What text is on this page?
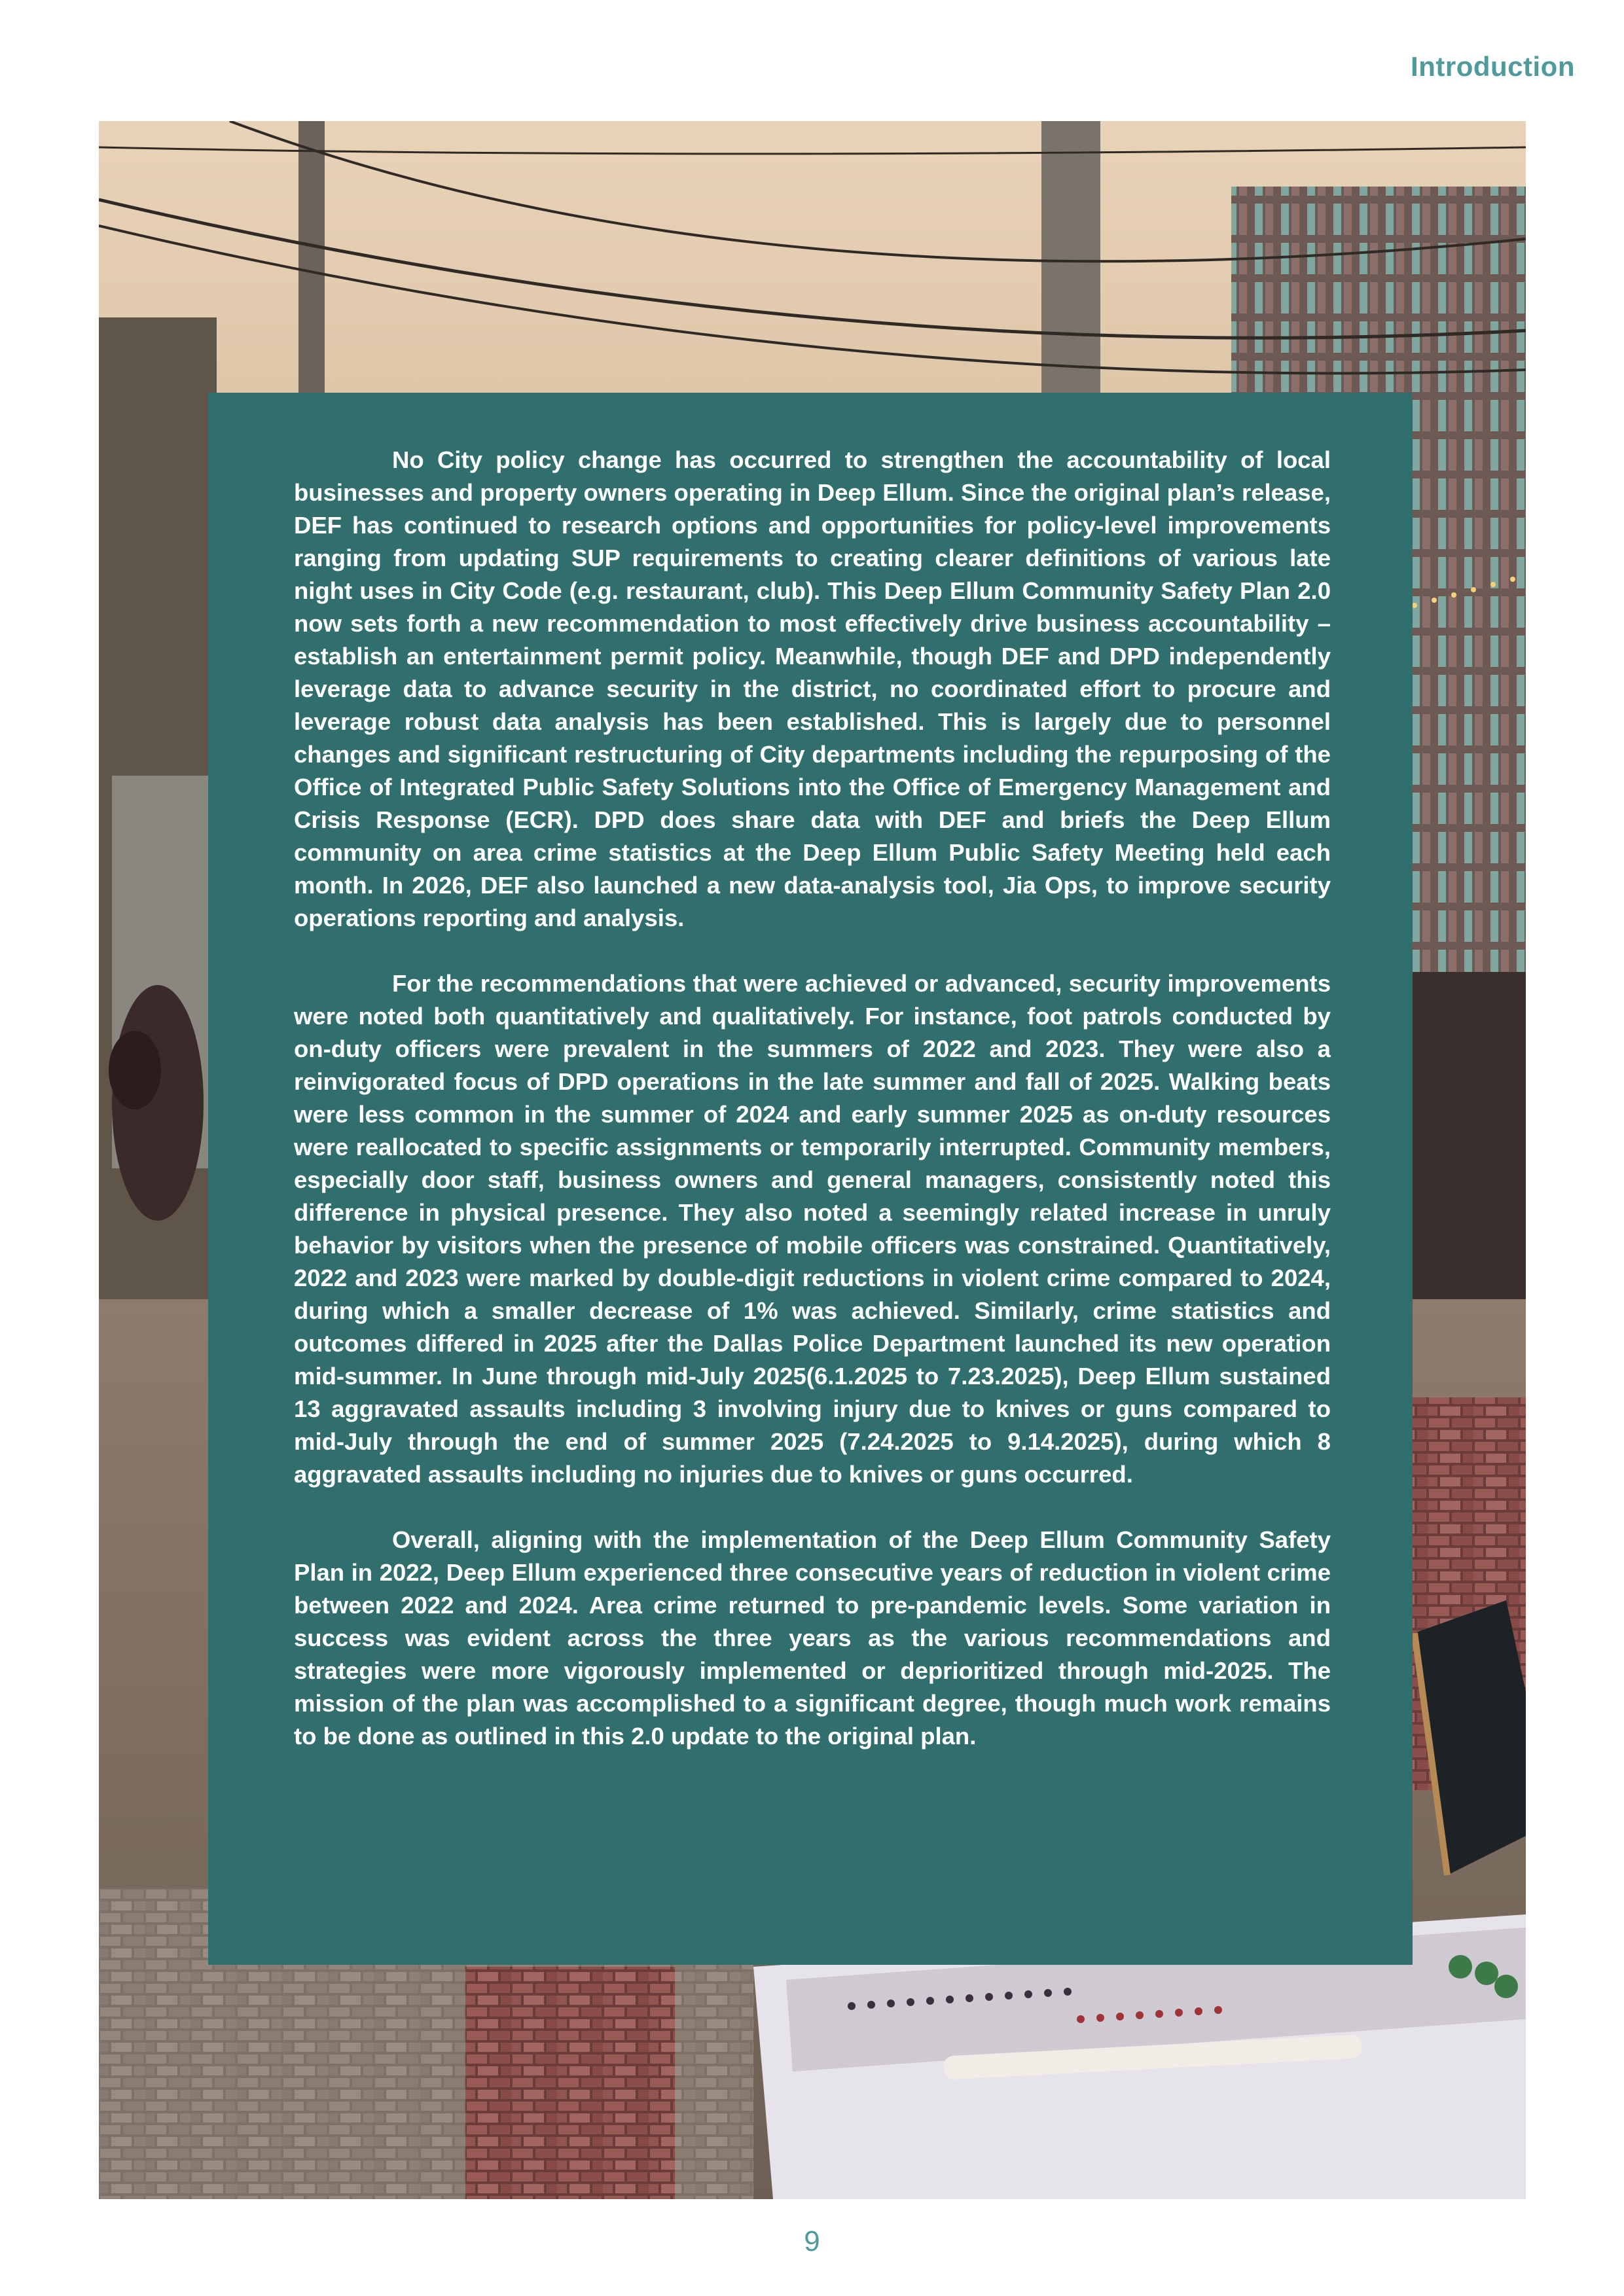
Introduction

No City policy change has occurred to strengthen the accountability of local businesses and property owners operating in Deep Ellum. Since the original plan’s release, DEF has continued to research options and opportunities for policy-level improvements ranging from updating SUP requirements to creating clearer definitions of various late night uses in City Code (e.g. restaurant, club). This Deep Ellum Community Safety Plan 2.0 now sets forth a new recommendation to most effectively drive business accountability – establish an entertainment permit policy. Meanwhile, though DEF and DPD independently leverage data to advance security in the district, no coordinated effort to procure and leverage robust data analysis has been established. This is largely due to personnel changes and significant restructuring of City departments including the repurposing of the Office of Integrated Public Safety Solutions into the Office of Emergency Management and Crisis Response (ECR). DPD does share data with DEF and briefs the Deep Ellum community on area crime statistics at the Deep Ellum Public Safety Meeting held each month. In 2026, DEF also launched a new data-analysis tool, Jia Ops, to improve security operations reporting and analysis.

For the recommendations that were achieved or advanced, security improvements were noted both quantitatively and qualitatively. For instance, foot patrols conducted by on-duty officers were prevalent in the summers of 2022 and 2023. They were also a reinvigorated focus of DPD operations in the late summer and fall of 2025. Walking beats were less common in the summer of 2024 and early summer 2025 as on-duty resources were reallocated to specific assignments or temporarily interrupted. Community members, especially door staff, business owners and general managers, consistently noted this difference in physical presence. They also noted a seemingly related increase in unruly behavior by visitors when the presence of mobile officers was constrained. Quantitatively, 2022 and 2023 were marked by double-digit reductions in violent crime compared to 2024, during which a smaller decrease of 1% was achieved. Similarly, crime statistics and outcomes differed in 2025 after the Dallas Police Department launched its new operation mid-summer. In June through mid-July 2025(6.1.2025 to 7.23.2025), Deep Ellum sustained 13 aggravated assaults including 3 involving injury due to knives or guns compared to mid-July through the end of summer 2025 (7.24.2025 to 9.14.2025), during which 8 aggravated assaults including no injuries due to knives or guns occurred.

Overall, aligning with the implementation of the Deep Ellum Community Safety Plan in 2022, Deep Ellum experienced three consecutive years of reduction in violent crime between 2022 and 2024. Area crime returned to pre-pandemic levels. Some variation in success was evident across the three years as the various recommendations and strategies were more vigorously implemented or deprioritized through mid-2025. The mission of the plan was accomplished to a significant degree, though much work remains to be done as outlined in this 2.0 update to the original plan.

9
